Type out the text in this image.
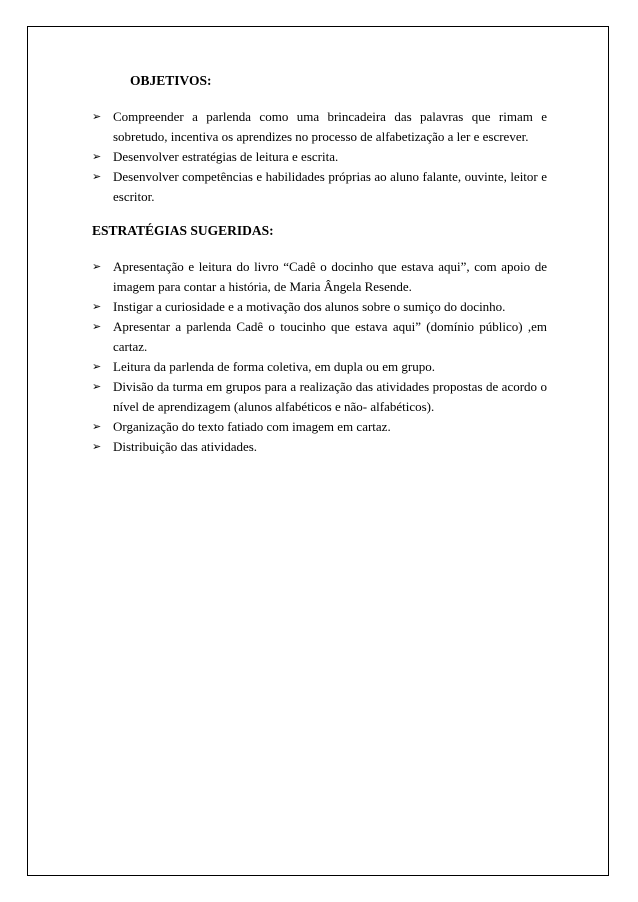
OBJETIVOS:
➢ Compreender a parlenda como uma brincadeira das palavras que rimam e sobretudo, incentiva os aprendizes no processo de alfabetização a ler e escrever.
➢ Desenvolver estratégias de leitura e escrita.
➢ Desenvolver competências e habilidades próprias ao aluno falante, ouvinte, leitor e escritor.
ESTRATÉGIAS SUGERIDAS:
➢ Apresentação e leitura do livro “Cadê o docinho que estava aqui”, com apoio de imagem para contar a história, de Maria Ângela Resende.
➢ Instigar a curiosidade e a motivação dos alunos sobre o sumiço do docinho.
➢ Apresentar a parlenda Cadê o toucinho que estava aqui” (domínio público) ,em cartaz.
➢ Leitura da parlenda de forma coletiva, em dupla ou em grupo.
➢ Divisão da turma em grupos para a realização das atividades propostas de acordo o nível de aprendizagem (alunos alfabéticos e não- alfabéticos).
➢ Organização do texto fatiado com imagem em cartaz.
➢ Distribuição das atividades.
